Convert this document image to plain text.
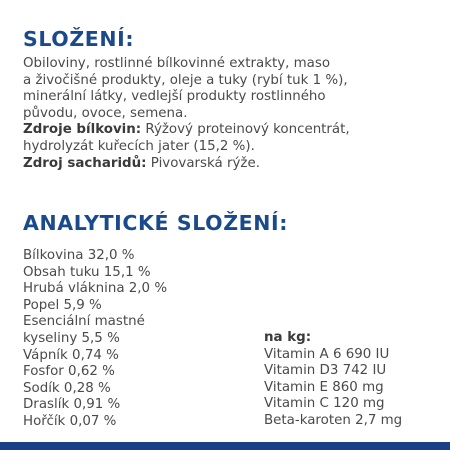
SLOŽENÍ:
Obiloviny, rostlinné bílkovinné extrakty, maso
a živočišné produkty, oleje a tuky (rybí tuk 1 %),
minerální látky, vedlejší produkty rostlinného
původu, ovoce, semena.
Zdroje bílkovin: Rýžový proteinový koncentrát,
hydrolyzát kuřecích jater (15,2 %).
Zdroj sacharidů: Pivovarská rýže.
ANALYTICKÉ SLOŽENÍ:
Bílkovina 32,0 %
Obsah tuku 15,1 %
Hrubá vláknina 2,0 %
Popel 5,9 %
Esenciální mastné
kyseliny 5,5 %
Vápník 0,74 %
Fosfor 0,62 %
Sodík 0,28 %
Draslík 0,91 %
Hořčík 0,07 %
na kg:
Vitamin A 6 690 IU
Vitamin D3 742 IU
Vitamin E 860 mg
Vitamin C 120 mg
Beta-karoten 2,7 mg
